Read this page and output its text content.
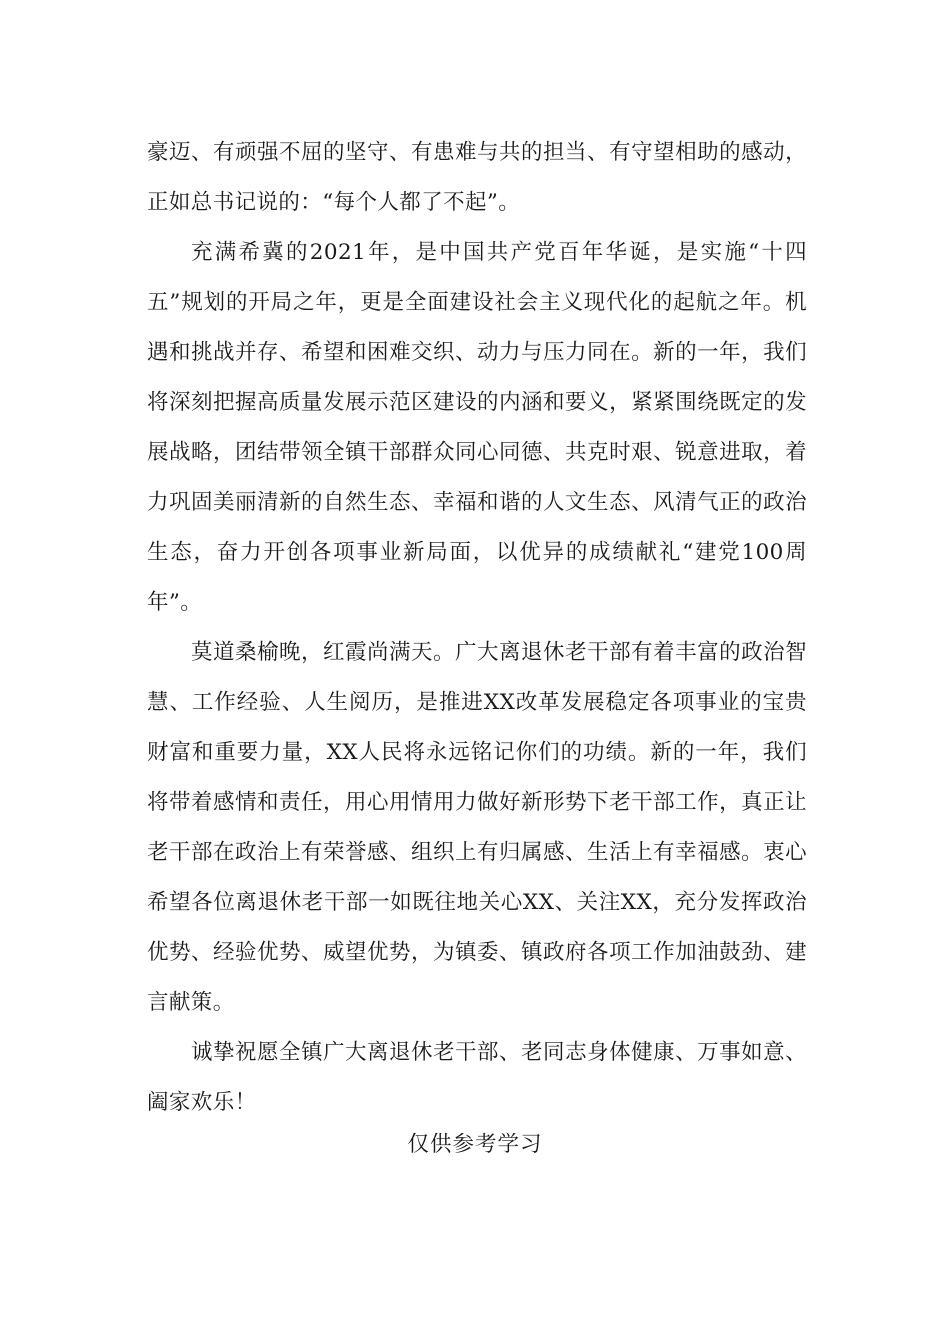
豪迈、有顽强不屈的坚守、有患难与共的担当、有守望相助的感动，正如总书记说的：“每个人都了不起”。

充满希冀的2021年，是中国共产党百年华诞，是实施“十四五”规划的开局之年，更是全面建设社会主义现代化的起航之年。机遇和挑战并存、希望和困难交织、动力与压力同在。新的一年，我们将深刻把握高质量发展示范区建设的内涵和要义，紧紧围绕既定的发展战略，团结带领全镇干部群众同心同德、共克时艰、锐意进取，着力巩固美丽清新的自然生态、幸福和谐的人文生态、风清气正的政治生态，奋力开创各项事业新局面，以优异的成绩献礼“建党100周年”。

莫道桑榆晚，红霞尚满天。广大离退休老干部有着丰富的政治智慧、工作经验、人生阅历，是推进XX改革发展稳定各项事业的宝贵财富和重要力量，XX人民将永远铭记你们的功绩。新的一年，我们将带着感情和责任，用心用情用力做好新形势下老干部工作，真正让老干部在政治上有荣誉感、组织上有归属感、生活上有幸福感。衷心希望各位离退休老干部一如既往地关心XX、关注XX，充分发挥政治优势、经验优势、威望优势，为镇委、镇政府各项工作加油鼓劲、建言献策。

诚挚祝愿全镇广大离退休老干部、老同志身体健康、万事如意、阖家欢乐！

仅供参考学习
